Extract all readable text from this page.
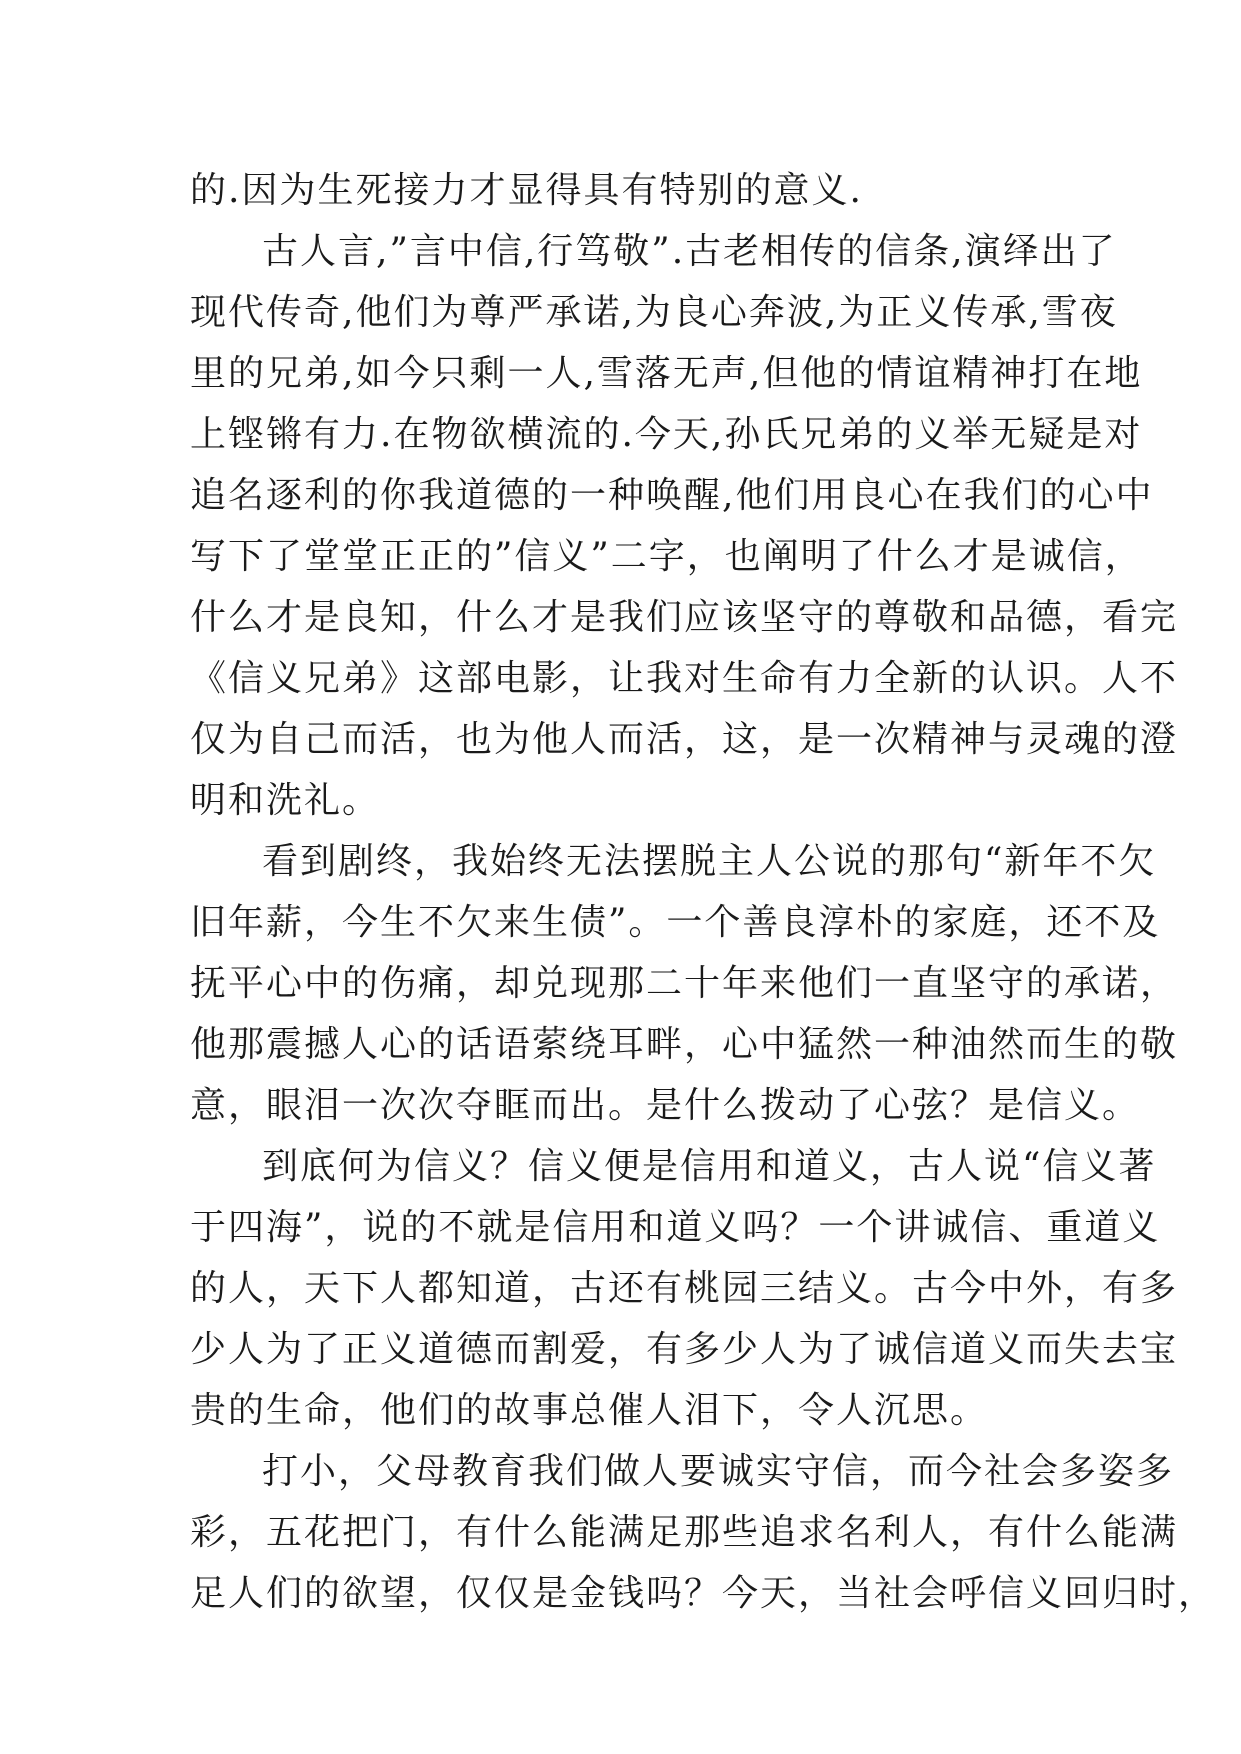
的.因为生死接力才显得具有特别的意义.
古人言,”言中信,行笃敬”.古老相传的信条,演绎出了
现代传奇,他们为尊严承诺,为良心奔波,为正义传承,雪夜
里的兄弟,如今只剩一人,雪落无声,但他的情谊精神打在地
上铿锵有力.在物欲横流的.今天,孙氏兄弟的义举无疑是对
追名逐利的你我道德的一种唤醒,他们用良心在我们的心中
写下了堂堂正正的”信义”二字，也阐明了什么才是诚信，
什么才是良知，什么才是我们应该坚守的尊敬和品德，看完
《信义兄弟》这部电影，让我对生命有力全新的认识。人不
仅为自己而活，也为他人而活，这，是一次精神与灵魂的澄
明和洗礼。
看到剧终，我始终无法摆脱主人公说的那句“新年不欠
旧年薪，今生不欠来生债”。一个善良淳朴的家庭，还不及
抚平心中的伤痛，却兑现那二十年来他们一直坚守的承诺，
他那震撼人心的话语萦绕耳畔，心中猛然一种油然而生的敬
意，眼泪一次次夺眶而出。是什么拨动了心弦？是信义。
到底何为信义？信义便是信用和道义，古人说“信义著
于四海”，说的不就是信用和道义吗？一个讲诚信、重道义
的人，天下人都知道，古还有桃园三结义。古今中外，有多
少人为了正义道德而割爱，有多少人为了诚信道义而失去宝
贵的生命，他们的故事总催人泪下，令人沉思。
打小，父母教育我们做人要诚实守信，而今社会多姿多
彩，五花把门，有什么能满足那些追求名利人，有什么能满
足人们的欲望，仅仅是金钱吗？今天，当社会呼信义回归时，
